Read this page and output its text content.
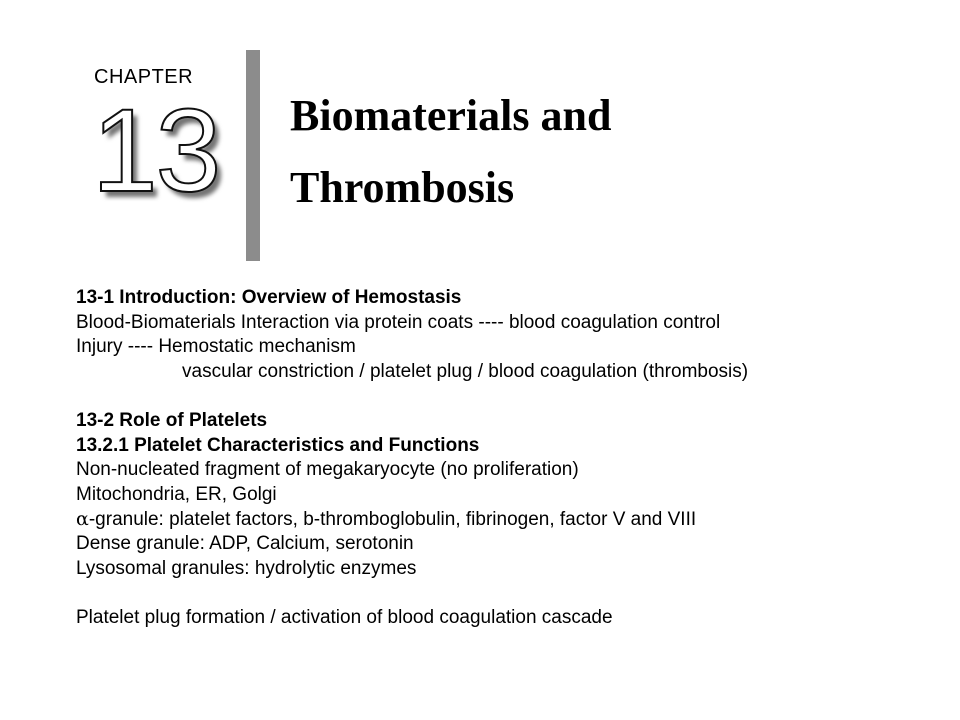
CHAPTER
13 Biomaterials and
Thrombosis
13-1 Introduction: Overview of Hemostasis
Blood-Biomaterials Interaction via protein coats ---- blood coagulation control
Injury ---- Hemostatic mechanism
vascular constriction / platelet plug / blood coagulation (thrombosis)
13-2 Role of Platelets
13.2.1 Platelet Characteristics and Functions
Non-nucleated fragment of megakaryocyte (no proliferation)
Mitochondria, ER, Golgi
α-granule: platelet factors, b-thromboglobulin, fibrinogen, factor V and VIII
Dense granule: ADP, Calcium, serotonin
Lysosomal granules: hydrolytic enzymes
Platelet plug formation / activation of blood coagulation cascade
